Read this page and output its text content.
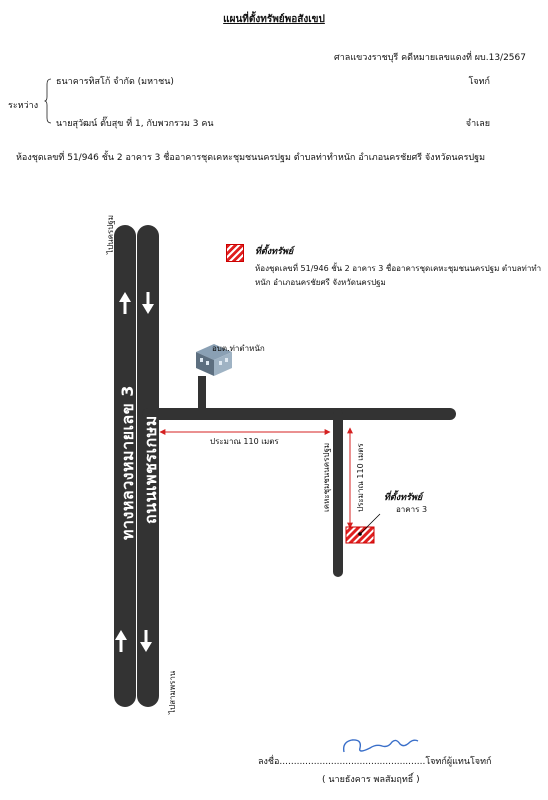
แผนที่ตั้งทรัพย์พอสังเขป
ศาลแขวงราชบุรี คดีหมายเลขแดงที่ ผบ.13/2567
ธนาคารทิสโก้ จำกัด (มหาชน)	โจทก์
ระหว่าง
นายสุวัฒน์ ตั๊บสุข ที่ 1, กับพวกรวม 3 คน	จำเลย
ห้องชุดเลขที่ 51/946 ชั้น 2 อาคาร 3 ชื่ออาคารชุดเคหะชุมชนนครปฐม ตำบลท่าทำหนัก อำเภอนครชัยศรี จังหวัดนครปฐม
ที่ตั้งทรัพย์
ห้องชุดเลขที่ 51/946 ชั้น 2 อาคาร 3 ชื่ออาคารชุดเคหะชุมชนนครปฐม ตำบลท่าทำหนัก อำเภอนครชัยศรี จังหวัดนครปฐม
ไปนครปฐม
ไปสามพราน
ทางหลวงหมายเลข 3 ถนนเพชรเกษม
อบต.ท่าตำหนัก
ประมาณ 110 เมตร
เคหะชุมชนนครปฐม	ประมาณ 110 เมตร ที่ตั้งทรัพย์
อาคาร 3
ลงชื่อ...................................................โจทก์ผู้แทนโจทก์
( นายธังคาร พลสัมฤทธิ์ )
